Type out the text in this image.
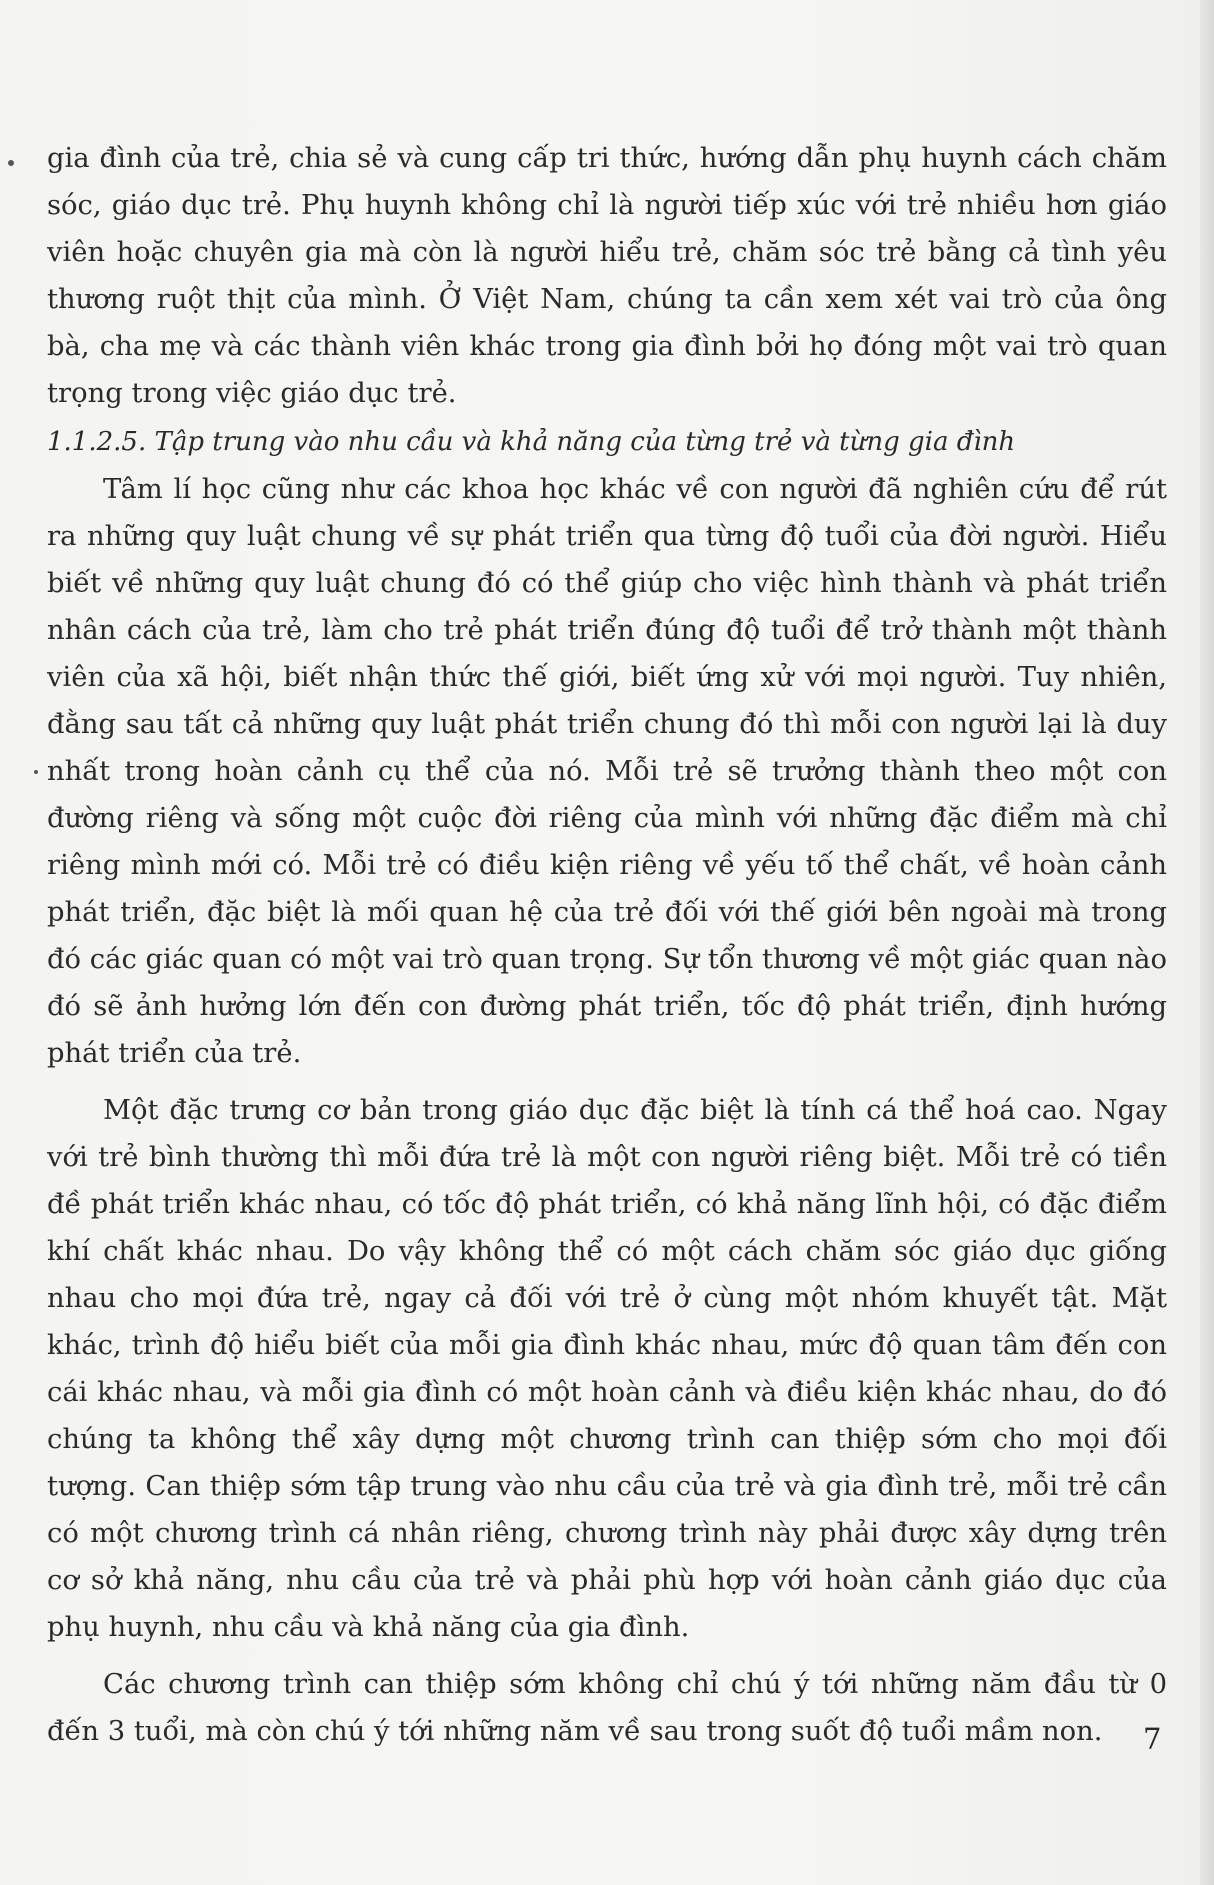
gia đình của trẻ, chia sẻ và cung cấp tri thức, hướng dẫn phụ huynh cách chăm sóc, giáo dục trẻ. Phụ huynh không chỉ là người tiếp xúc với trẻ nhiều hơn giáo viên hoặc chuyên gia mà còn là người hiểu trẻ, chăm sóc trẻ bằng cả tình yêu thương ruột thịt của mình. Ở Việt Nam, chúng ta cần xem xét vai trò của ông bà, cha mẹ và các thành viên khác trong gia đình bởi họ đóng một vai trò quan trọng trong việc giáo dục trẻ.

1.1.2.5. Tập trung vào nhu cầu và khả năng của từng trẻ và từng gia đình

Tâm lí học cũng như các khoa học khác về con người đã nghiên cứu để rút ra những quy luật chung về sự phát triển qua từng độ tuổi của đời người. Hiểu biết về những quy luật chung đó có thể giúp cho việc hình thành và phát triển nhân cách của trẻ, làm cho trẻ phát triển đúng độ tuổi để trở thành một thành viên của xã hội, biết nhận thức thế giới, biết ứng xử với mọi người. Tuy nhiên, đằng sau tất cả những quy luật phát triển chung đó thì mỗi con người lại là duy nhất trong hoàn cảnh cụ thể của nó. Mỗi trẻ sẽ trưởng thành theo một con đường riêng và sống một cuộc đời riêng của mình với những đặc điểm mà chỉ riêng mình mới có. Mỗi trẻ có điều kiện riêng về yếu tố thể chất, về hoàn cảnh phát triển, đặc biệt là mối quan hệ của trẻ đối với thế giới bên ngoài mà trong đó các giác quan có một vai trò quan trọng. Sự tổn thương về một giác quan nào đó sẽ ảnh hưởng lớn đến con đường phát triển, tốc độ phát triển, định hướng phát triển của trẻ.

Một đặc trưng cơ bản trong giáo dục đặc biệt là tính cá thể hoá cao. Ngay với trẻ bình thường thì mỗi đứa trẻ là một con người riêng biệt. Mỗi trẻ có tiền đề phát triển khác nhau, có tốc độ phát triển, có khả năng lĩnh hội, có đặc điểm khí chất khác nhau. Do vậy không thể có một cách chăm sóc giáo dục giống nhau cho mọi đứa trẻ, ngay cả đối với trẻ ở cùng một nhóm khuyết tật. Mặt khác, trình độ hiểu biết của mỗi gia đình khác nhau, mức độ quan tâm đến con cái khác nhau, và mỗi gia đình có một hoàn cảnh và điều kiện khác nhau, do đó chúng ta không thể xây dựng một chương trình can thiệp sớm cho mọi đối tượng. Can thiệp sớm tập trung vào nhu cầu của trẻ và gia đình trẻ, mỗi trẻ cần có một chương trình cá nhân riêng, chương trình này phải được xây dựng trên cơ sở khả năng, nhu cầu của trẻ và phải phù hợp với hoàn cảnh giáo dục của phụ huynh, nhu cầu và khả năng của gia đình.

Các chương trình can thiệp sớm không chỉ chú ý tới những năm đầu từ 0 đến 3 tuổi, mà còn chú ý tới những năm về sau trong suốt độ tuổi mầm non.	7
